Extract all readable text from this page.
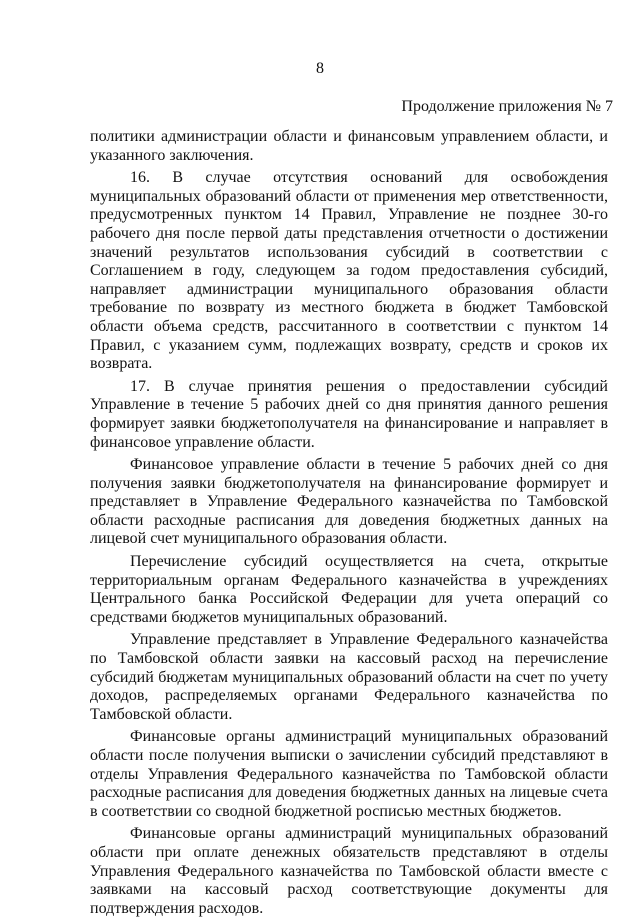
8
Продолжение приложения № 7

политики администрации области и финансовым управлением области, и указанного заключения.

16. В случае отсутствия оснований для освобождения муниципальных образований области от применения мер ответственности, предусмотренных пунктом 14 Правил, Управление не позднее 30-го рабочего дня после первой даты представления отчетности о достижении значений результатов использования субсидий в соответствии с Соглашением в году, следующем за годом предоставления субсидий, направляет администрации муниципального образования области требование по возврату из местного бюджета в бюджет Тамбовской области объема средств, рассчитанного в соответствии с пунктом 14 Правил, с указанием сумм, подлежащих возврату, средств и сроков их возврата.

17. В случае принятия решения о предоставлении субсидий Управление в течение 5 рабочих дней со дня принятия данного решения формирует заявки бюджетополучателя на финансирование и направляет в финансовое управление области.

Финансовое управление области в течение 5 рабочих дней со дня получения заявки бюджетополучателя на финансирование формирует и представляет в Управление Федерального казначейства по Тамбовской области расходные расписания для доведения бюджетных данных на лицевой счет муниципального образования области.

Перечисление субсидий осуществляется на счета, открытые территориальным органам Федерального казначейства в учреждениях Центрального банка Российской Федерации для учета операций со средствами бюджетов муниципальных образований.

Управление представляет в Управление Федерального казначейства по Тамбовской области заявки на кассовый расход на перечисление субсидий бюджетам муниципальных образований области на счет по учету доходов, распределяемых органами Федерального казначейства по Тамбовской области.

Финансовые органы администраций муниципальных образований области после получения выписки о зачислении субсидий представляют в отделы Управления Федерального казначейства по Тамбовской области расходные расписания для доведения бюджетных данных на лицевые счета в соответствии со сводной бюджетной росписью местных бюджетов.

Финансовые органы администраций муниципальных образований области при оплате денежных обязательств представляют в отделы Управления Федерального казначейства по Тамбовской области вместе с заявками на кассовый расход соответствующие документы для подтверждения расходов.
